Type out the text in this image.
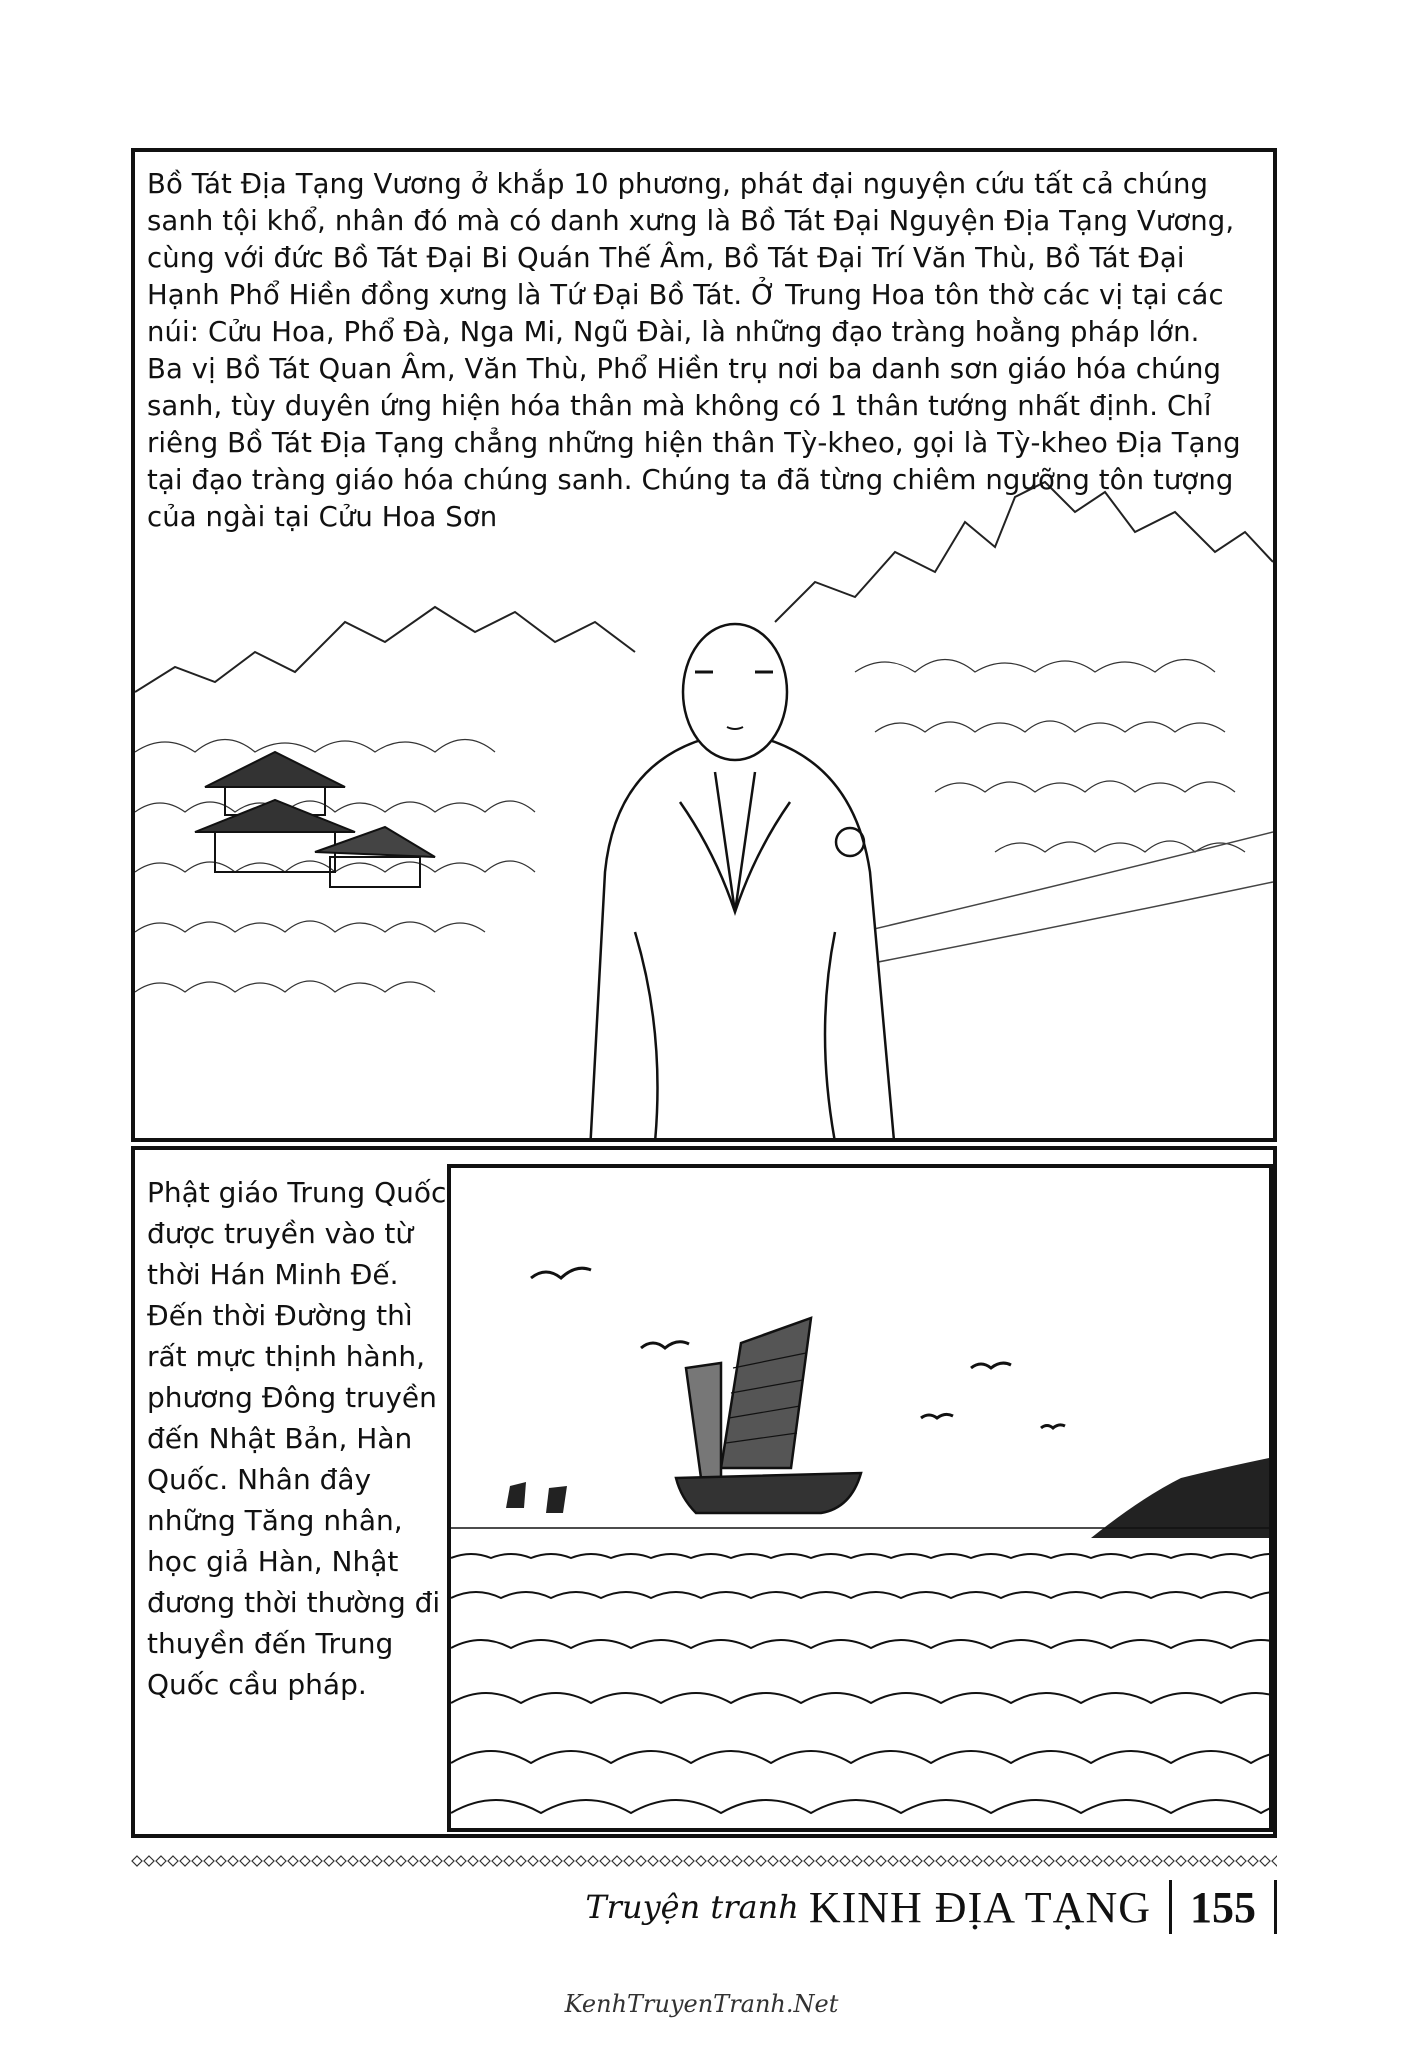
Bồ Tát Địa Tạng Vương ở khắp 10 phương, phát đại nguyện cứu tất cả chúng sanh tội khổ, nhân đó mà có danh xưng là Bồ Tát Đại Nguyện Địa Tạng Vương, cùng với đức Bồ Tát Đại Bi Quán Thế Âm, Bồ Tát Đại Trí Văn Thù, Bồ Tát Đại Hạnh Phổ Hiền đồng xưng là Tứ Đại Bồ Tát. Ở Trung Hoa tôn thờ các vị tại các núi: Cửu Hoa, Phổ Đà, Nga Mi, Ngũ Đài, là những đạo tràng hoằng pháp lớn.

Ba vị Bồ Tát Quan Âm, Văn Thù, Phổ Hiền trụ nơi ba danh sơn giáo hóa chúng sanh, tùy duyên ứng hiện hóa thân mà không có 1 thân tướng nhất định. Chỉ riêng Bồ Tát Địa Tạng chẳng những hiện thân Tỳ-kheo, gọi là Tỳ-kheo Địa Tạng tại đạo tràng giáo hóa chúng sanh. Chúng ta đã từng chiêm ngưỡng tôn tượng của ngài tại Cửu Hoa Sơn

Phật giáo Trung Quốc được truyền vào từ thời Hán Minh Đế. Đến thời Đường thì rất mực thịnh hành, phương Đông truyền đến Nhật Bản, Hàn Quốc. Nhân đây những Tăng nhân, học giả Hàn, Nhật đương thời thường đi thuyền đến Trung Quốc cầu pháp.

Truyện tranh KINH ĐỊA TẠNG 155
KenhTruyenTranh.Net
